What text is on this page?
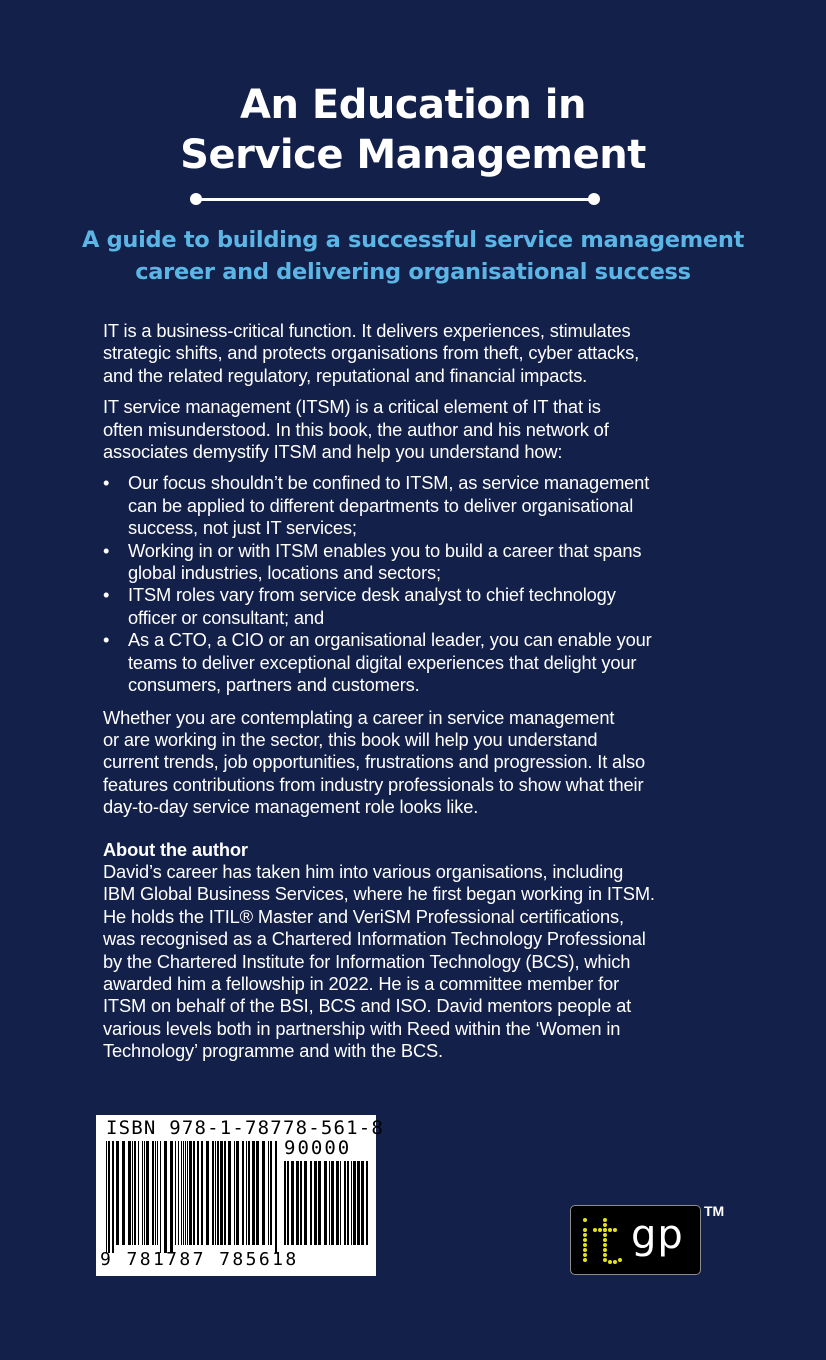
An Education in
Service Management
A guide to building a successful service management
career and delivering organisational success

IT is a business-critical function. It delivers experiences, stimulates
strategic shifts, and protects organisations from theft, cyber attacks,
and the related regulatory, reputational and financial impacts.

IT service management (ITSM) is a critical element of IT that is
often misunderstood. In this book, the author and his network of
associates demystify ITSM and help you understand how:

• Our focus shouldn’t be confined to ITSM, as service management
can be applied to different departments to deliver organisational
success, not just IT services;
• Working in or with ITSM enables you to build a career that spans
global industries, locations and sectors;
• ITSM roles vary from service desk analyst to chief technology
officer or consultant; and
• As a CTO, a CIO or an organisational leader, you can enable your
teams to deliver exceptional digital experiences that delight your
consumers, partners and customers.

Whether you are contemplating a career in service management
or are working in the sector, this book will help you understand
current trends, job opportunities, frustrations and progression. It also
features contributions from industry professionals to show what their
day-to-day service management role looks like.

About the author
David’s career has taken him into various organisations, including
IBM Global Business Services, where he first began working in ITSM.
He holds the ITIL® Master and VeriSM Professional certifications,
was recognised as a Chartered Information Technology Professional
by the Chartered Institute for Information Technology (BCS), which
awarded him a fellowship in 2022. He is a committee member for
ITSM on behalf of the BSI, BCS and ISO. David mentors people at
various levels both in partnership with Reed within the ‘Women in
Technology’ programme and with the BCS.

ISBN 978-1-78778-561-8
90000
9 781787 785618
gp
TM
